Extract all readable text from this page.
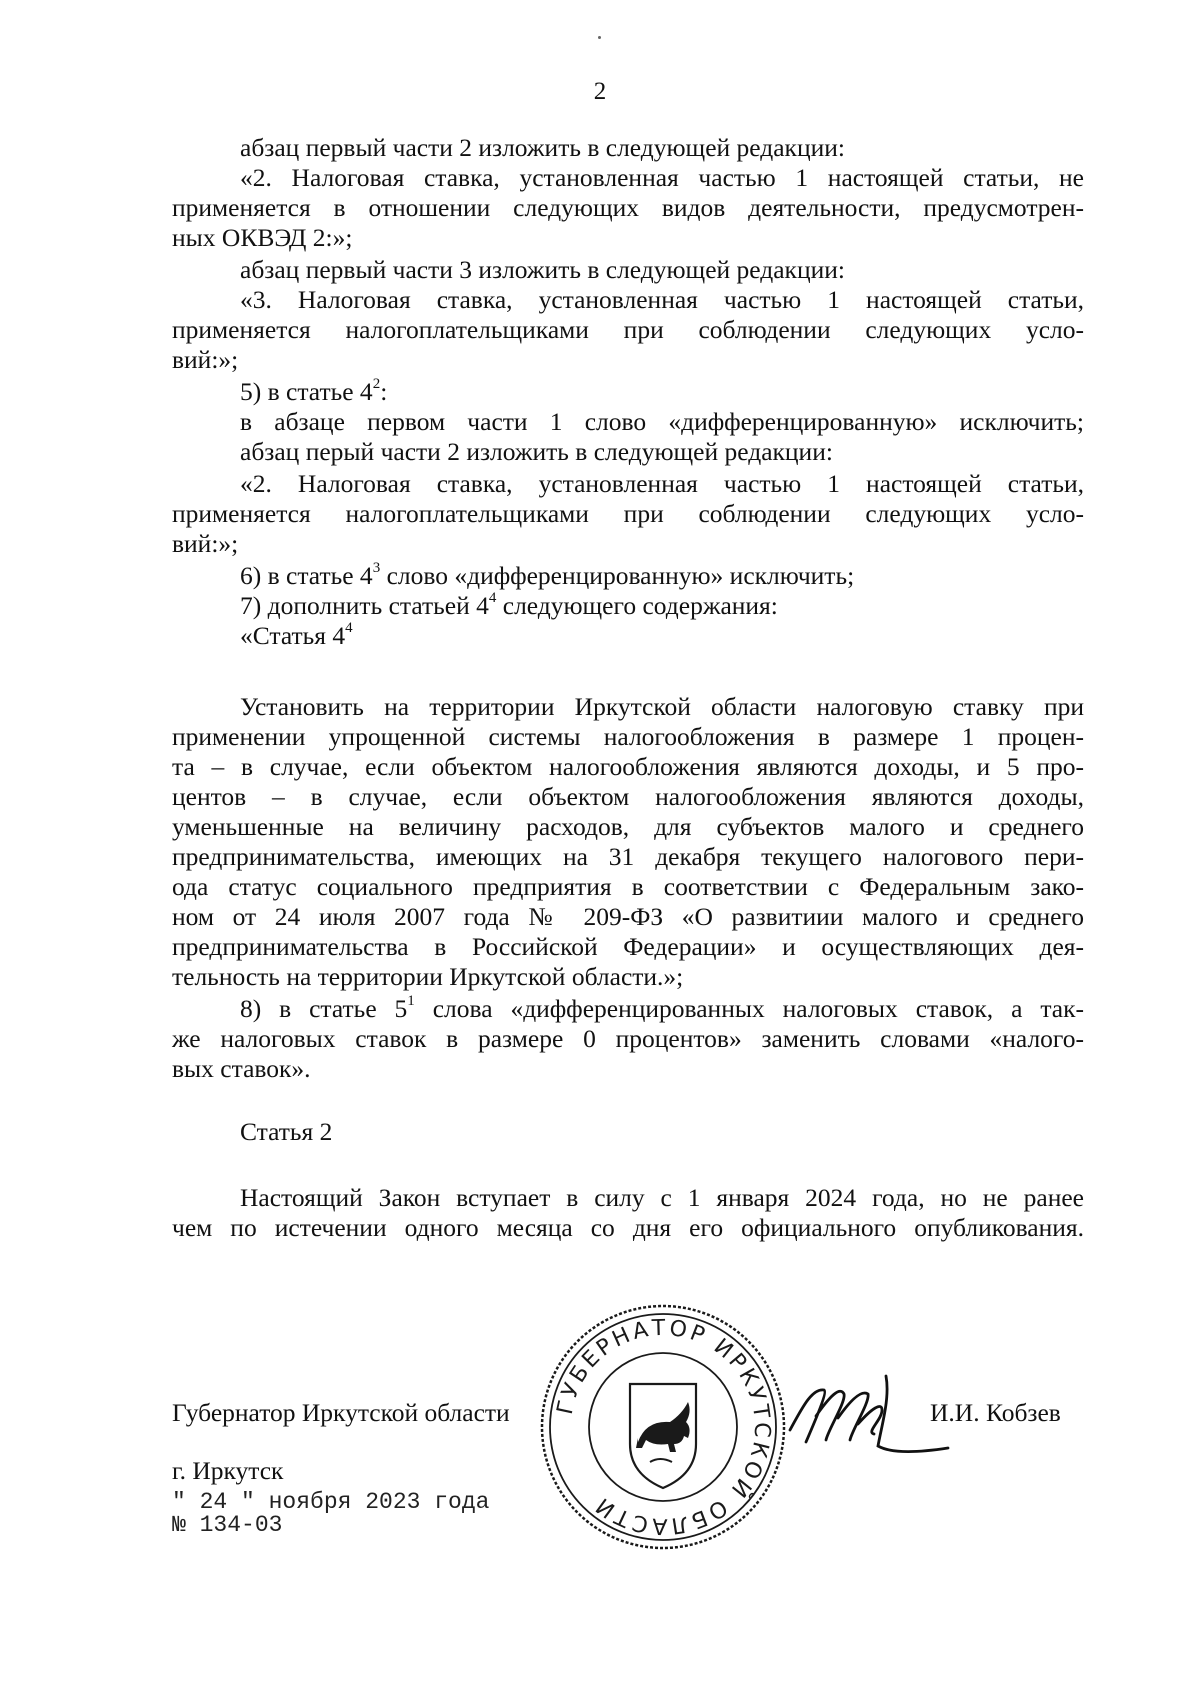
2
абзац первый части 2 изложить в следующей редакции:
«2. Налоговая ставка, установленная частью 1 настоящей статьи, не
применяется в отношении следующих видов деятельности, предусмотрен-
ных ОКВЭД 2:»;
абзац первый части 3 изложить в следующей редакции:
«3. Налоговая ставка, установленная частью 1 настоящей статьи,
применяется налогоплательщиками при соблюдении следующих усло-
вий:»;
5) в статье $4^2$:
в абзаце первом части 1 слово «дифференцированную» исключить;
абзац перый части 2 изложить в следующей редакции:
«2. Налоговая ставка, установленная частью 1 настоящей статьи,
применяется налогоплательщиками при соблюдении следующих усло-
вий:»;
6) в статье $4^3$ слово «дифференцированную» исключить;
7) дополнить статьей $4^4$ следующего содержания:
«Статья $4^4$
Установить на территории Иркутской области налоговую ставку при
применении упрощенной системы налогообложения в размере 1 процен-
та – в случае, если объектом налогообложения являются доходы, и 5 про-
центов – в случае, если объектом налогообложения являются доходы,
уменьшенные на величину расходов, для субъектов малого и среднего
предпринимательства, имеющих на 31 декабря текущего налогового пери-
ода статус социального предприятия в соответствии с Федеральным зако-
ном от 24 июля 2007 года № 209-ФЗ «О развитиии малого и среднего
предпринимательства в Российской Федерации» и осуществляющих дея-
тельность на территории Иркутской области.»;
8) в статье $5^1$ слова «дифференцированных налоговых ставок, а так-
же налоговых ставок в размере 0 процентов» заменить словами «налого-
вых ставок».
Статья 2
Настоящий Закон вступает в силу с 1 января 2024 года, но не ранее
чем по истечении одного месяца со дня его официального опубликования.
ГУБЕРНАТОР ИРКУТСКОЙ ОБЛАСТИ
Губернатор Иркутской области	И.И. Кобзев
г. Иркутск
" 24 " ноября 2023 года
№ 134-03
